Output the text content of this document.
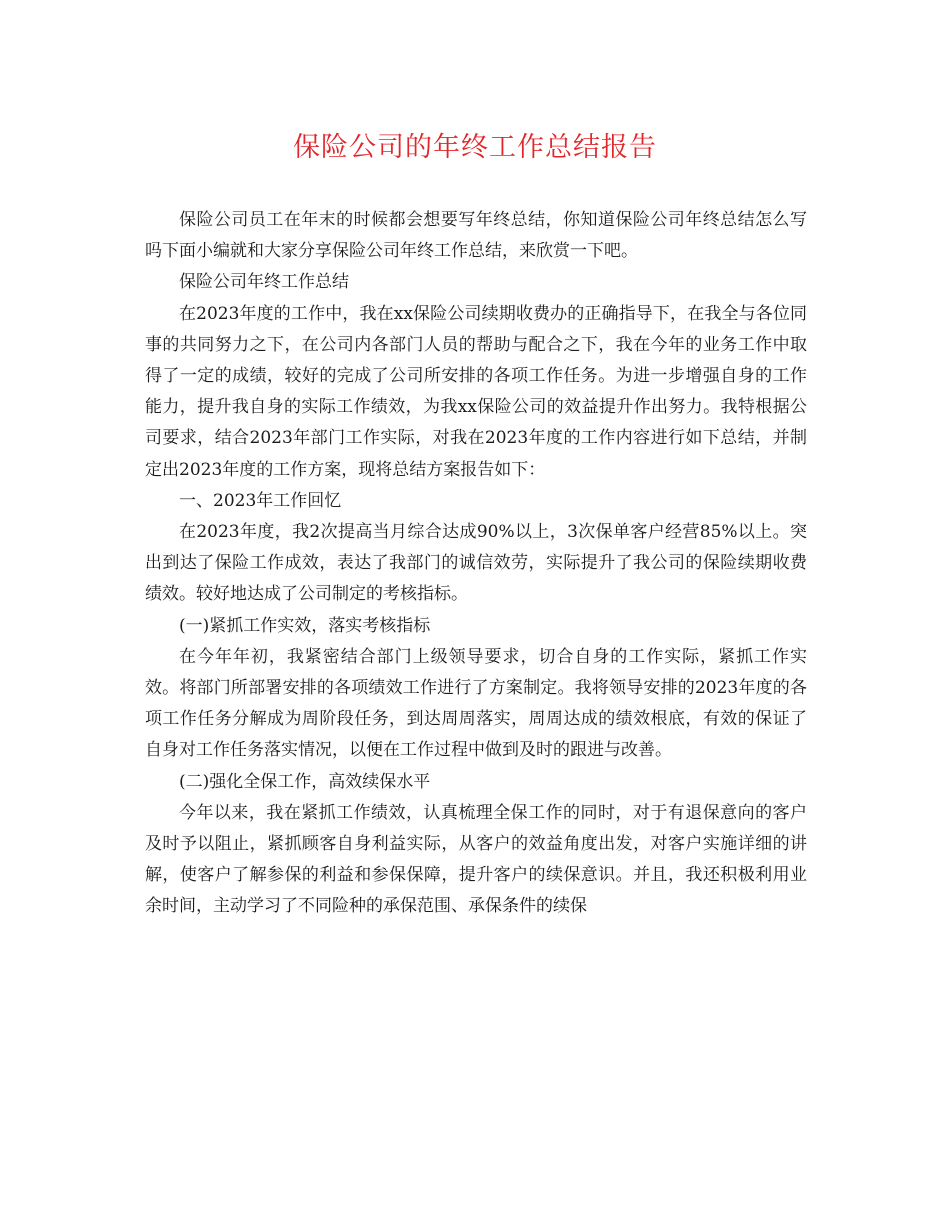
保险公司的年终工作总结报告

保险公司员工在年末的时候都会想要写年终总结，你知道保险公司年终总结怎么写吗下面小编就和大家分享保险公司年终工作总结，来欣赏一下吧。

保险公司年终工作总结

在2023年度的工作中，我在xx保险公司续期收费办的正确指导下，在我全与各位同事的共同努力之下，在公司内各部门人员的帮助与配合之下，我在今年的业务工作中取得了一定的成绩，较好的完成了公司所安排的各项工作任务。为进一步增强自身的工作能力，提升我自身的实际工作绩效，为我xx保险公司的效益提升作出努力。我特根据公司要求，结合2023年部门工作实际，对我在2023年度的工作内容进行如下总结，并制定出2023年度的工作方案，现将总结方案报告如下：

一、2023年工作回忆

在2023年度，我2次提高当月综合达成90%以上，3次保单客户经营85%以上。突出到达了保险工作成效，表达了我部门的诚信效劳，实际提升了我公司的保险续期收费绩效。较好地达成了公司制定的考核指标。

(一)紧抓工作实效，落实考核指标

在今年年初，我紧密结合部门上级领导要求，切合自身的工作实际，紧抓工作实效。将部门所部署安排的各项绩效工作进行了方案制定。我将领导安排的2023年度的各项工作任务分解成为周阶段任务，到达周周落实，周周达成的绩效根底，有效的保证了自身对工作任务落实情况，以便在工作过程中做到及时的跟进与改善。

(二)强化全保工作，高效续保水平

今年以来，我在紧抓工作绩效，认真梳理全保工作的同时，对于有退保意向的客户及时予以阻止，紧抓顾客自身利益实际，从客户的效益角度出发，对客户实施详细的讲解，使客户了解参保的利益和参保保障，提升客户的续保意识。并且，我还积极利用业余时间，主动学习了不同险种的承保范围、承保条件的续保
